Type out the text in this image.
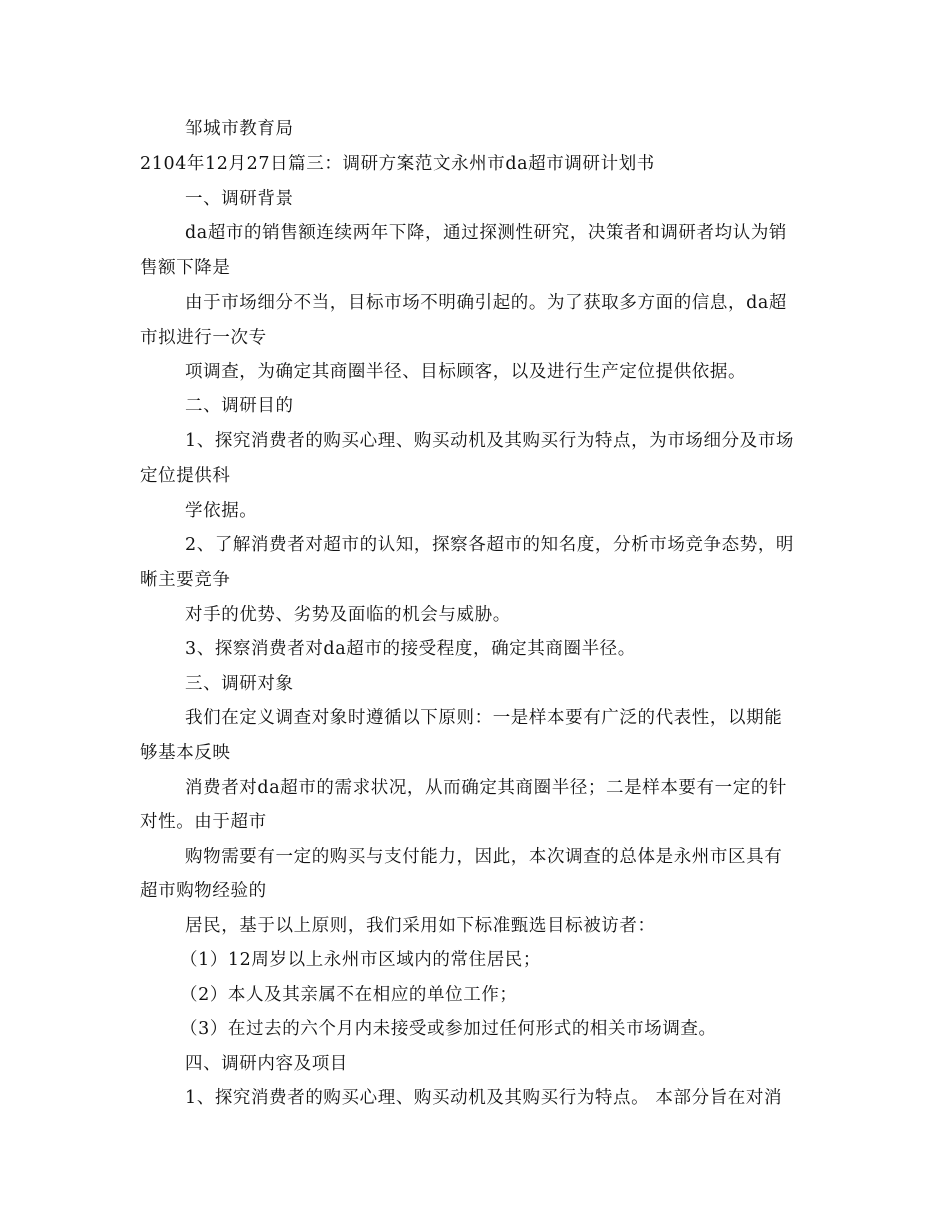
邹城市教育局
2104年12月27日篇三：调研方案范文永州市da超市调研计划书
一、调研背景
da超市的销售额连续两年下降，通过探测性研究，决策者和调研者均认为销
售额下降是
由于市场细分不当，目标市场不明确引起的。为了获取多方面的信息，da超
市拟进行一次专
项调查，为确定其商圈半径、目标顾客，以及进行生产定位提供依据。
二、调研目的
1、探究消费者的购买心理、购买动机及其购买行为特点，为市场细分及市场
定位提供科
学依据。
2、了解消费者对超市的认知，探察各超市的知名度，分析市场竞争态势，明
晰主要竞争
对手的优势、劣势及面临的机会与威胁。
3、探察消费者对da超市的接受程度，确定其商圈半径。
三、调研对象
我们在定义调查对象时遵循以下原则：一是样本要有广泛的代表性，以期能
够基本反映
消费者对da超市的需求状况，从而确定其商圈半径；二是样本要有一定的针
对性。由于超市
购物需要有一定的购买与支付能力，因此，本次调查的总体是永州市区具有
超市购物经验的
居民，基于以上原则，我们采用如下标准甄选目标被访者：
（1）12周岁以上永州市区域内的常住居民；
（2）本人及其亲属不在相应的单位工作；
（3）在过去的六个月内未接受或参加过任何形式的相关市场调查。
四、调研内容及项目
1、探究消费者的购买心理、购买动机及其购买行为特点。 本部分旨在对消
